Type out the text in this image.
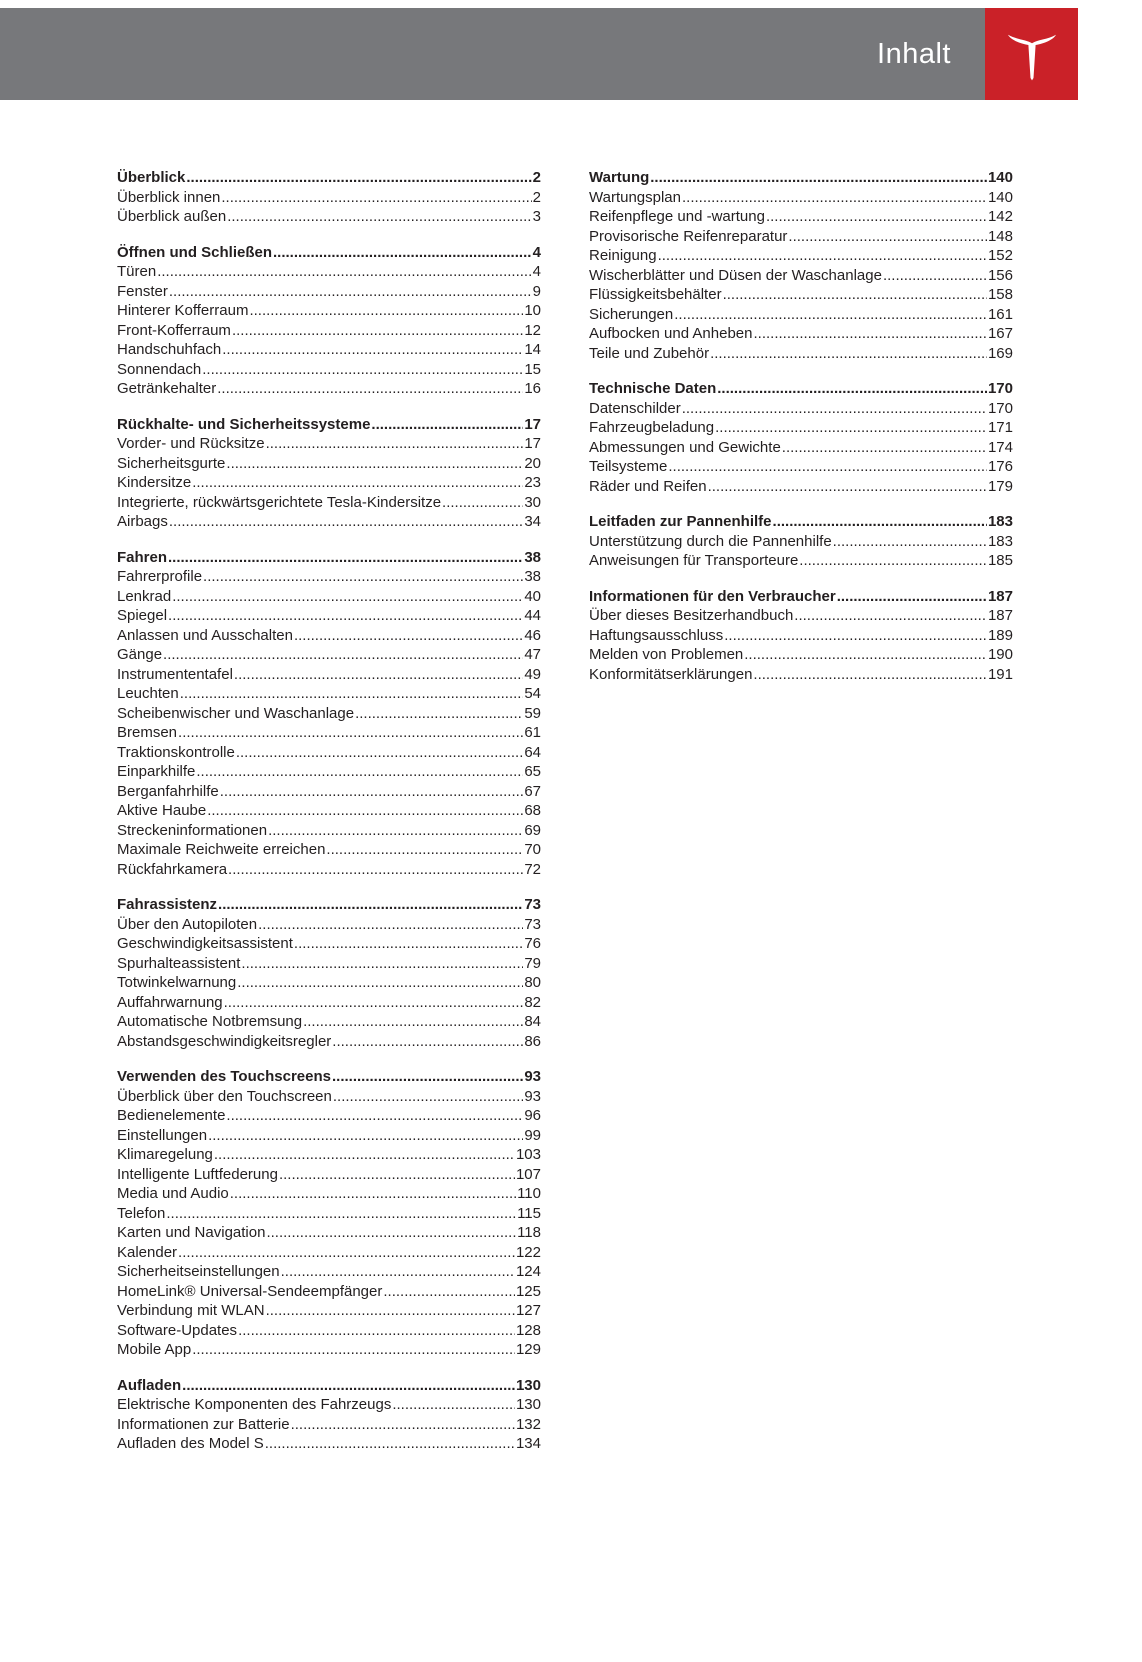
Inhalt
Überblick .....	2
Überblick innen .....	2
Überblick außen .....	3
Öffnen und Schließen .....	4
Türen .....	4
Fenster .....	9
Hinterer Kofferraum .....	10
Front-Kofferraum .....	12
Handschuhfach .....	14
Sonnendach .....	15
Getränkehalter .....	16
Rückhalte- und Sicherheitssysteme .....	17
Vorder- und Rücksitze .....	17
Sicherheitsgurte .....	20
Kindersitze .....	23
Integrierte, rückwärtsgerichtete Tesla-Kindersitze .....	30
Airbags .....	34
Fahren .....	38
Fahrerprofile .....	38
Lenkrad .....	40
Spiegel .....	44
Anlassen und Ausschalten .....	46
Gänge .....	47
Instrumententafel .....	49
Leuchten .....	54
Scheibenwischer und Waschanlage .....	59
Bremsen .....	61
Traktionskontrolle .....	64
Einparkhilfe .....	65
Berganfahrhilfe .....	67
Aktive Haube .....	68
Streckeninformationen .....	69
Maximale Reichweite erreichen .....	70
Rückfahrkamera .....	72
Fahrassistenz .....	73
Über den Autopiloten .....	73
Geschwindigkeitsassistent .....	76
Spurhalteassistent .....	79
Totwinkelwarnung .....	80
Auffahrwarnung .....	82
Automatische Notbremsung .....	84
Abstandsgeschwindigkeitsregler .....	86
Verwenden des Touchscreens .....	93
Überblick über den Touchscreen .....	93
Bedienelemente .....	96
Einstellungen .....	99
Klimaregelung .....	103
Intelligente Luftfederung .....	107
Media und Audio .....	110
Telefon .....	115
Karten und Navigation .....	118
Kalender .....	122
Sicherheitseinstellungen .....	124
HomeLink® Universal-Sendeempfänger .....	125
Verbindung mit WLAN .....	127
Software-Updates .....	128
Mobile App .....	129
Aufladen .....	130
Elektrische Komponenten des Fahrzeugs .....	130
Informationen zur Batterie .....	132
Aufladen des Model S .....	134
Wartung .....	140
Wartungsplan .....	140
Reifenpflege und -wartung .....	142
Provisorische Reifenreparatur .....	148
Reinigung .....	152
Wischerblätter und Düsen der Waschanlage .....	156
Flüssigkeitsbehälter .....	158
Sicherungen .....	161
Aufbocken und Anheben .....	167
Teile und Zubehör .....	169
Technische Daten .....	170
Datenschilder .....	170
Fahrzeugbeladung .....	171
Abmessungen und Gewichte .....	174
Teilsysteme .....	176
Räder und Reifen .....	179
Leitfaden zur Pannenhilfe .....	183
Unterstützung durch die Pannenhilfe .....	183
Anweisungen für Transporteure .....	185
Informationen für den Verbraucher .....	187
Über dieses Besitzerhandbuch .....	187
Haftungsausschluss .....	189
Melden von Problemen .....	190
Konformitätserklärungen .....	191
